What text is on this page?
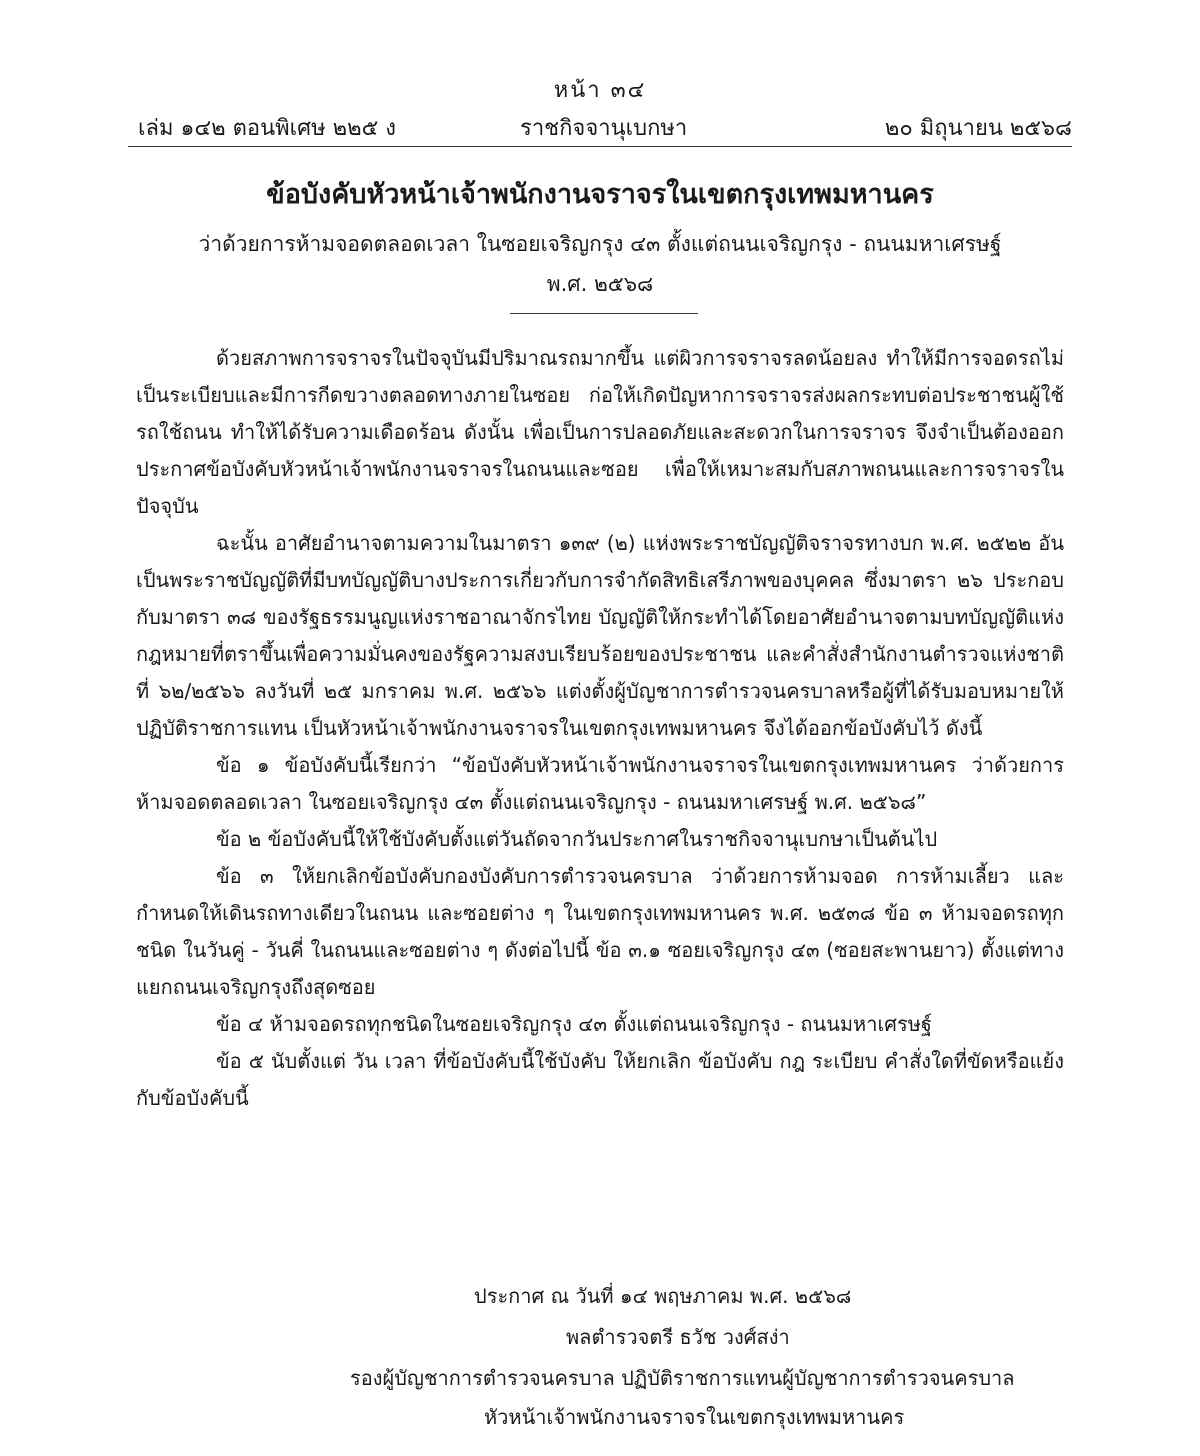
หน้า ๓๔
เล่ม ๑๔๒ ตอนพิเศษ ๒๒๕ ง	ราชกิจจานุเบกษา	๒๐ มิถุนายน ๒๕๖๘
ข้อบังคับหัวหน้าเจ้าพนักงานจราจรในเขตกรุงเทพมหานคร
ว่าด้วยการห้ามจอดตลอดเวลา ในซอยเจริญกรุง ๔๓ ตั้งแต่ถนนเจริญกรุง - ถนนมหาเศรษฐ์
พ.ศ. ๒๕๖๘

ด้วยสภาพการจราจรในปัจจุบันมีปริมาณรถมากขึ้น แต่ผิวการจราจรลดน้อยลง ทำให้มีการจอดรถไม่เป็นระเบียบและมีการกีดขวางตลอดทางภายในซอย ก่อให้เกิดปัญหาการจราจรส่งผลกระทบต่อประชาชนผู้ใช้รถใช้ถนน ทำให้ได้รับความเดือดร้อน ดังนั้น เพื่อเป็นการปลอดภัยและสะดวกในการจราจร จึงจำเป็นต้องออกประกาศข้อบังคับหัวหน้าเจ้าพนักงานจราจรในถนนและซอย เพื่อให้เหมาะสมกับสภาพถนนและการจราจรในปัจจุบัน

ฉะนั้น อาศัยอำนาจตามความในมาตรา ๑๓๙ (๒) แห่งพระราชบัญญัติจราจรทางบก พ.ศ. ๒๕๒๒ อันเป็นพระราชบัญญัติที่มีบทบัญญัติบางประการเกี่ยวกับการจำกัดสิทธิเสรีภาพของบุคคล ซึ่งมาตรา ๒๖ ประกอบกับมาตรา ๓๘ ของรัฐธรรมนูญแห่งราชอาณาจักรไทย บัญญัติให้กระทำได้โดยอาศัยอำนาจตามบทบัญญัติแห่งกฎหมายที่ตราขึ้นเพื่อความมั่นคงของรัฐความสงบเรียบร้อยของประชาชน และคำสั่งสำนักงานตำรวจแห่งชาติ ที่ ๖๒/๒๕๖๖ ลงวันที่ ๒๕ มกราคม พ.ศ. ๒๕๖๖ แต่งตั้งผู้บัญชาการตำรวจนครบาลหรือผู้ที่ได้รับมอบหมายให้ปฏิบัติราชการแทน เป็นหัวหน้าเจ้าพนักงานจราจรในเขตกรุงเทพมหานคร จึงได้ออกข้อบังคับไว้ ดังนี้

ข้อ ๑ ข้อบังคับนี้เรียกว่า “ข้อบังคับหัวหน้าเจ้าพนักงานจราจรในเขตกรุงเทพมหานคร ว่าด้วยการห้ามจอดตลอดเวลา ในซอยเจริญกรุง ๔๓ ตั้งแต่ถนนเจริญกรุง - ถนนมหาเศรษฐ์ พ.ศ. ๒๕๖๘”

ข้อ ๒ ข้อบังคับนี้ให้ใช้บังคับตั้งแต่วันถัดจากวันประกาศในราชกิจจานุเบกษาเป็นต้นไป

ข้อ ๓ ให้ยกเลิกข้อบังคับกองบังคับการตำรวจนครบาล ว่าด้วยการห้ามจอด การห้ามเลี้ยว และกำหนดให้เดินรถทางเดียวในถนน และซอยต่าง ๆ ในเขตกรุงเทพมหานคร พ.ศ. ๒๕๓๘ ข้อ ๓ ห้ามจอดรถทุกชนิด ในวันคู่ - วันคี่ ในถนนและซอยต่าง ๆ ดังต่อไปนี้ ข้อ ๓.๑ ซอยเจริญกรุง ๔๓ (ซอยสะพานยาว) ตั้งแต่ทางแยกถนนเจริญกรุงถึงสุดซอย

ข้อ ๔ ห้ามจอดรถทุกชนิดในซอยเจริญกรุง ๔๓ ตั้งแต่ถนนเจริญกรุง - ถนนมหาเศรษฐ์

ข้อ ๕ นับตั้งแต่ วัน เวลา ที่ข้อบังคับนี้ใช้บังคับ ให้ยกเลิก ข้อบังคับ กฎ ระเบียบ คำสั่งใดที่ขัดหรือแย้งกับข้อบังคับนี้

ประกาศ ณ วันที่ ๑๔ พฤษภาคม พ.ศ. ๒๕๖๘
พลตำรวจตรี ธวัช วงศ์สง่า
รองผู้บัญชาการตำรวจนครบาล ปฏิบัติราชการแทนผู้บัญชาการตำรวจนครบาล
หัวหน้าเจ้าพนักงานจราจรในเขตกรุงเทพมหานคร
